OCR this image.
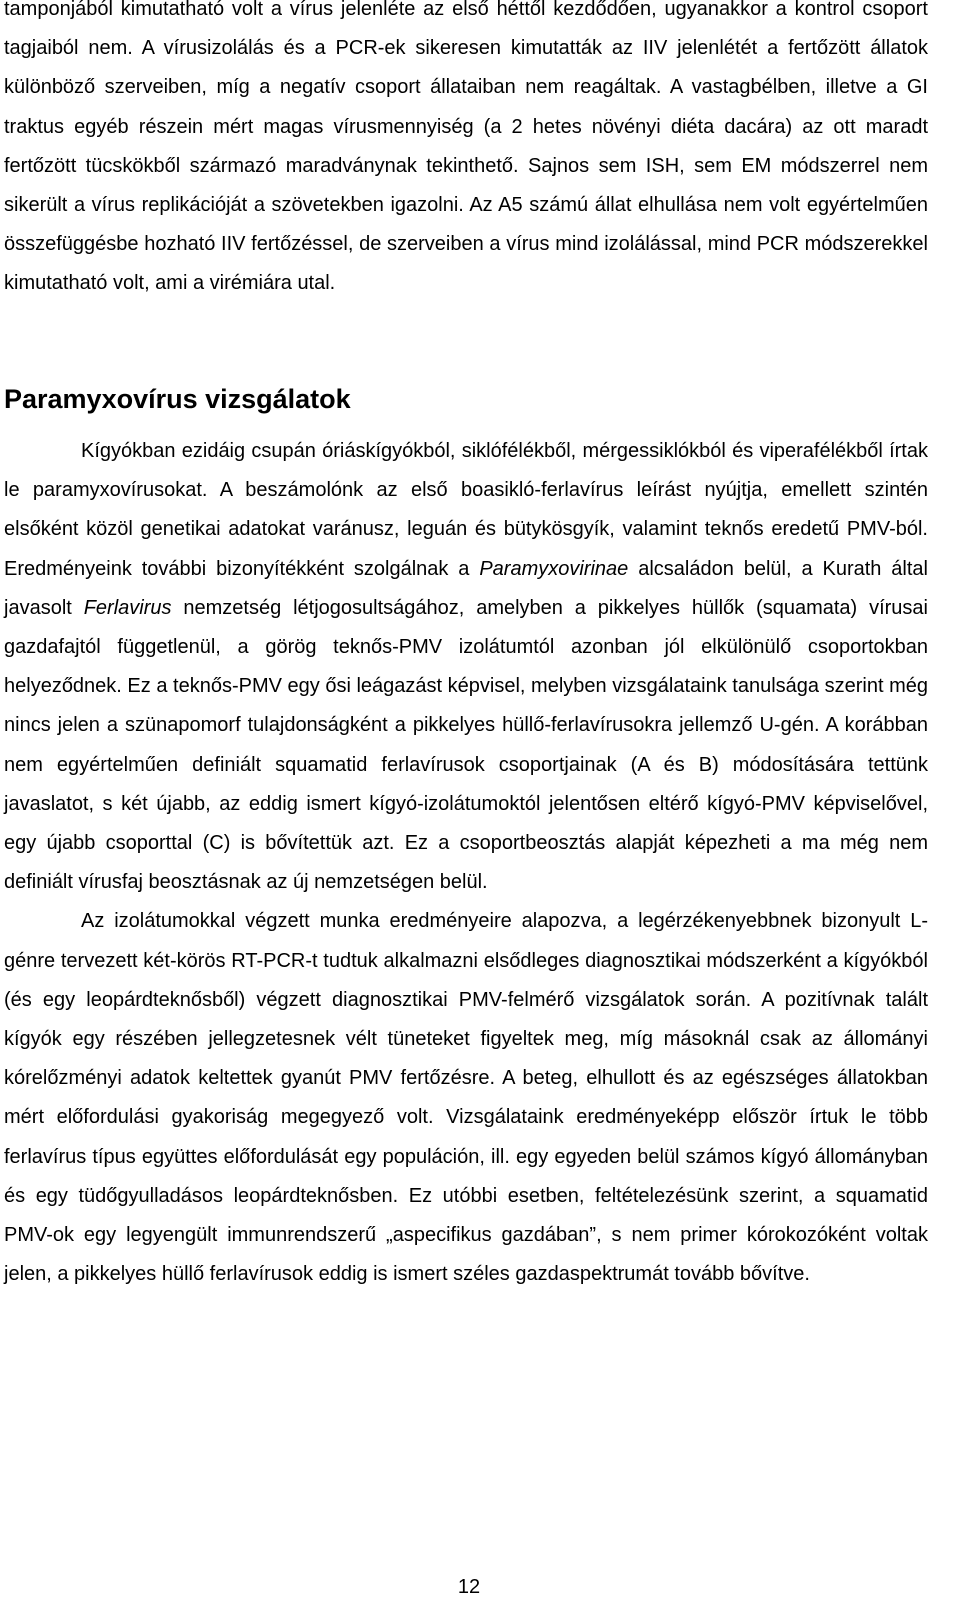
tamponjából kimutatható volt a vírus jelenléte az első héttől kezdődően, ugyanakkor a kontrol csoport tagjaiból nem. A vírusizolálás és a PCR-ek sikeresen kimutatták az IIV jelenlétét a fertőzött állatok különböző szerveiben, míg a negatív csoport állataiban nem reagáltak. A vastagbélben, illetve a GI traktus egyéb részein mért magas vírusmennyiség (a 2 hetes növényi diéta dacára) az ott maradt fertőzött tücskökből származó maradványnak tekinthető. Sajnos sem ISH, sem EM módszerrel nem sikerült a vírus replikációját a szövetekben igazolni. Az A5 számú állat elhullása nem volt egyértelműen összefüggésbe hozható IIV fertőzéssel, de szerveiben a vírus mind izolálással, mind PCR módszerekkel kimutatható volt, ami a virémiára utal.

Paramyxovírus vizsgálatok

Kígyókban ezidáig csupán óriáskígyókból, siklófélékből, mérgessiklókból és viperafélékből írtak le paramyxovírusokat. A beszámolónk az első boasikló-ferlavírus leírást nyújtja, emellett szintén elsőként közöl genetikai adatokat varánusz, leguán és bütykösgyík, valamint teknős eredetű PMV-ból. Eredményeink további bizonyítékként szolgálnak a Paramyxovirinae alcsaládon belül, a Kurath által javasolt Ferlavirus nemzetség létjogosultságához, amelyben a pikkelyes hüllők (squamata) vírusai gazdafajtól függetlenül, a görög teknős-PMV izolátumtól azonban jól elkülönülő csoportokban helyeződnek. Ez a teknős-PMV egy ősi leágazást képvisel, melyben vizsgálataink tanulsága szerint még nincs jelen a szünapomorf tulajdonságként a pikkelyes hüllő-ferlavírusokra jellemző U-gén. A korábban nem egyértelműen definiált squamatid ferlavírusok csoportjainak (A és B) módosítására tettünk javaslatot, s két újabb, az eddig ismert kígyó-izolátumoktól jelentősen eltérő kígyó-PMV képviselővel, egy újabb csoporttal (C) is bővítettük azt. Ez a csoportbeosztás alapját képezheti a ma még nem definiált vírusfaj beosztásnak az új nemzetségen belül.

Az izolátumokkal végzett munka eredményeire alapozva, a legérzékenyebbnek bizonyult L-génre tervezett két-körös RT-PCR-t tudtuk alkalmazni elsődleges diagnosztikai módszerként a kígyókból (és egy leopárdteknősből) végzett diagnosztikai PMV-felmérő vizsgálatok során. A pozitívnak talált kígyók egy részében jellegzetesnek vélt tüneteket figyeltek meg, míg másoknál csak az állományi kórelőzményi adatok keltettek gyanút PMV fertőzésre. A beteg, elhullott és az egészséges állatokban mért előfordulási gyakoriság megegyező volt. Vizsgálataink eredményeképp először írtuk le több ferlavírus típus együttes előfordulását egy populáción, ill. egy egyeden belül számos kígyó állományban és egy tüdőgyulladásos leopárdteknősben. Ez utóbbi esetben, feltételezésünk szerint, a squamatid PMV-ok egy legyengült immunrendszerű „aspecifikus gazdában”, s nem primer kórokozóként voltak jelen, a pikkelyes hüllő ferlavírusok eddig is ismert széles gazdaspektrumát tovább bővítve.

12
